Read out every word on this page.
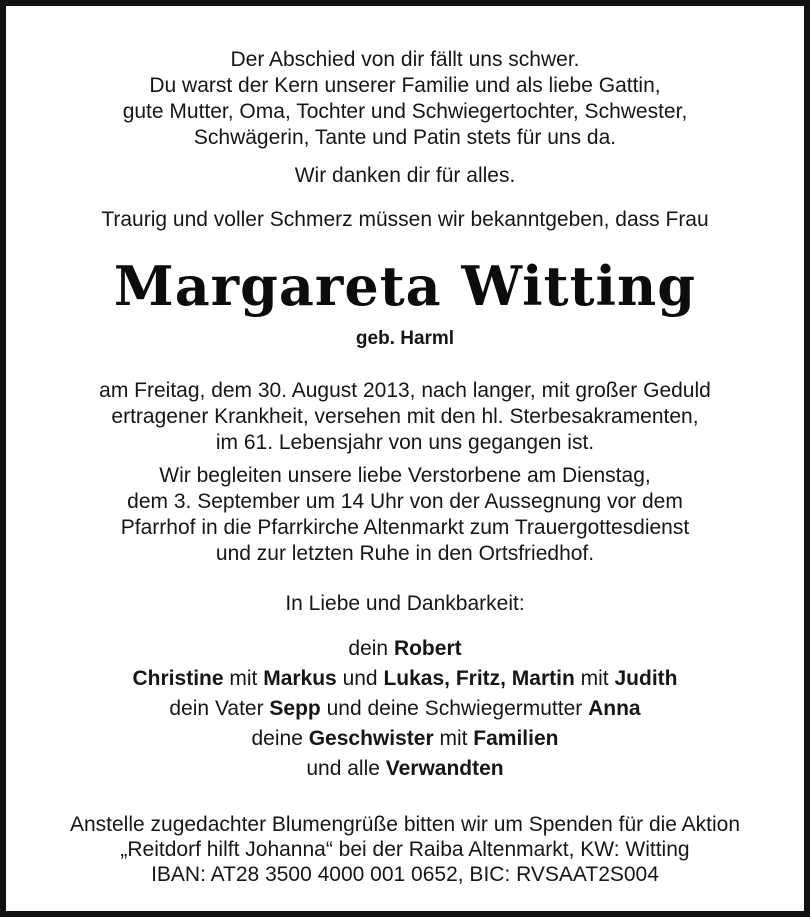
Der Abschied von dir fällt uns schwer.
Du warst der Kern unserer Familie und als liebe Gattin,
gute Mutter, Oma, Tochter und Schwiegertochter, Schwester,
Schwägerin, Tante und Patin stets für uns da.
Wir danken dir für alles.
Traurig und voller Schmerz müssen wir bekanntgeben, dass Frau
Margareta Witting
geb. Harml
am Freitag, dem 30. August 2013, nach langer, mit großer Geduld
ertragener Krankheit, versehen mit den hl. Sterbesakramenten,
im 61. Lebensjahr von uns gegangen ist.
Wir begleiten unsere liebe Verstorbene am Dienstag,
dem 3. September um 14 Uhr von der Aussegnung vor dem
Pfarrhof in die Pfarrkirche Altenmarkt zum Trauergottesdienst
und zur letzten Ruhe in den Ortsfriedhof.
In Liebe und Dankbarkeit:
dein Robert
Christine mit Markus und Lukas, Fritz, Martin mit Judith
dein Vater Sepp und deine Schwiegermutter Anna
deine Geschwister mit Familien
und alle Verwandten
Anstelle zugedachter Blumengrüße bitten wir um Spenden für die Aktion
„Reitdorf hilft Johanna“ bei der Raiba Altenmarkt, KW: Witting
IBAN: AT28 3500 4000 001 0652, BIC: RVSAAT2S004
